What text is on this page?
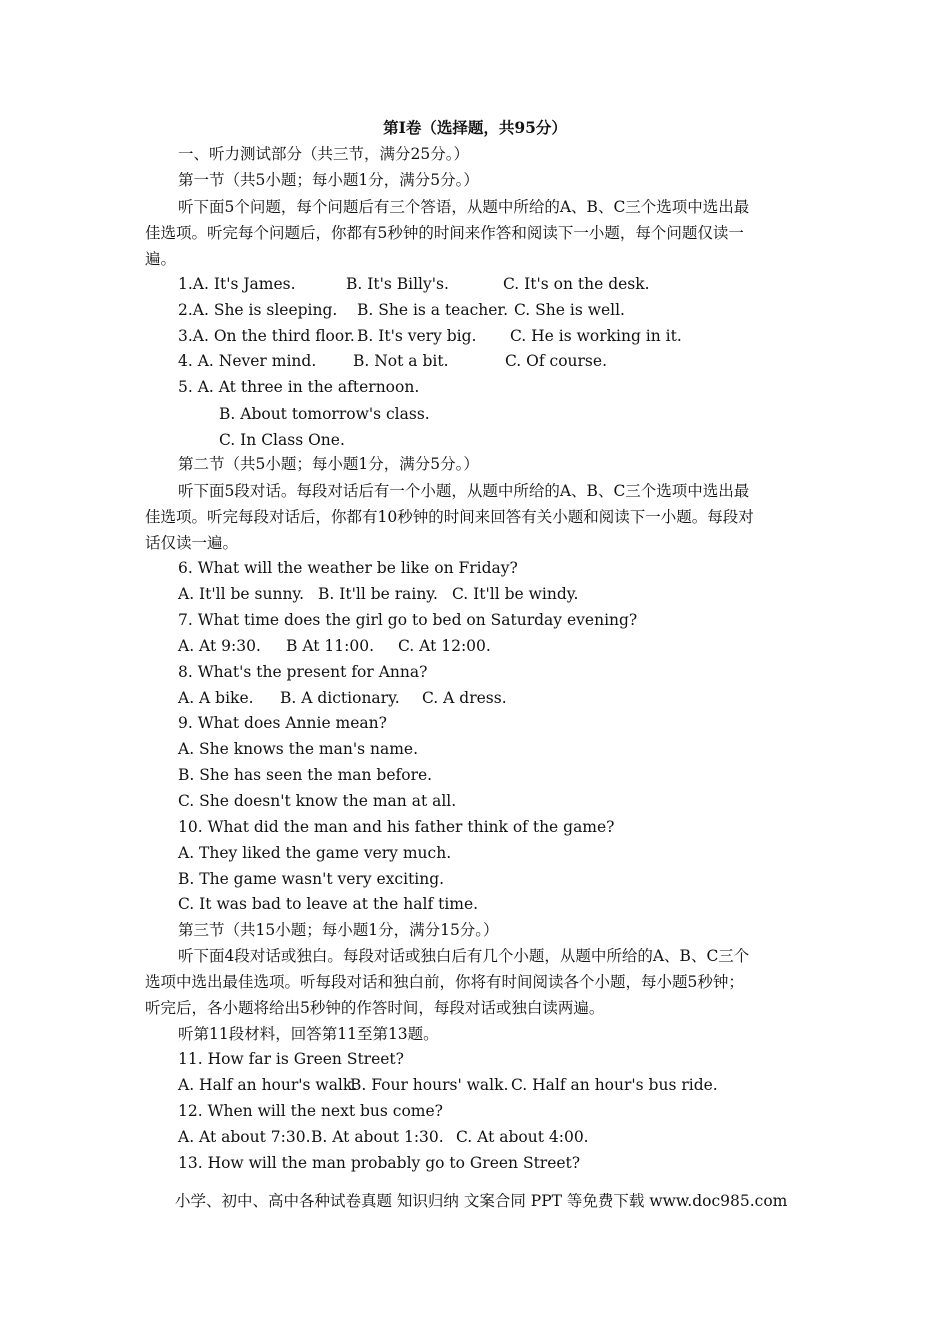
第I卷（选择题，共95分）
一、听力测试部分（共三节，满分25分。）
第一节（共5小题；每小题1分，满分5分。）
听下面5个问题，每个问题后有三个答语，从题中所给的A、B、C三个选项中选出最
佳选项。听完每个问题后，你都有5秒钟的时间来作答和阅读下一小题，每个问题仅读一
遍。
1.A. It's James.	B. It's Billy's.	C. It's on the desk.
2.A. She is sleeping. B. She is a teacher. C. She is well.
3.A. On the third floor. B. It's very big. C. He is working in it.
4. A. Never mind. B. Not a bit.	C. Of course.
5. A. At three in the afternoon.
B. About tomorrow's class.
C. In Class One.
第二节（共5小题；每小题1分，满分5分。）
听下面5段对话。每段对话后有一个小题，从题中所给的A、B、C三个选项中选出最
佳选项。听完每段对话后，你都有10秒钟的时间来回答有关小题和阅读下一小题。每段对
话仅读一遍。
6. What will the weather be like on Friday?
A. It'll be sunny. B. It'll be rainy. C. It'll be windy.
7. What time does the girl go to bed on Saturday evening?
A. At 9:30. B At 11:00. C. At 12:00.
8. What's the present for Anna?
A. A bike. B. A dictionary. C. A dress.
9. What does Annie mean?
A. She knows the man's name.
B. She has seen the man before.
C. She doesn't know the man at all.
10. What did the man and his father think of the game?
A. They liked the game very much.
B. The game wasn't very exciting.
C. It was bad to leave at the half time.
第三节（共15小题；每小题1分，满分15分。）
听下面4段对话或独白。每段对话或独白后有几个小题，从题中所给的A、B、C三个
选项中选出最佳选项。听每段对话和独白前，你将有时间阅读各个小题，每小题5秒钟；
听完后，各小题将给出5秒钟的作答时间，每段对话或独白读两遍。
听第11段材料，回答第11至第13题。
11. How far is Green Street?
A. Half an hour's walk.
B. Four hours' walk. C. Half an hour's bus ride.
12. When will the next bus come?
A. At about 7:30. B. At about 1:30. C. At about 4:00.
13. How will the man probably go to Green Street?
小学、初中、高中各种试卷真题 知识归纳 文案合同 PPT 等免费下载 www.doc985.com
